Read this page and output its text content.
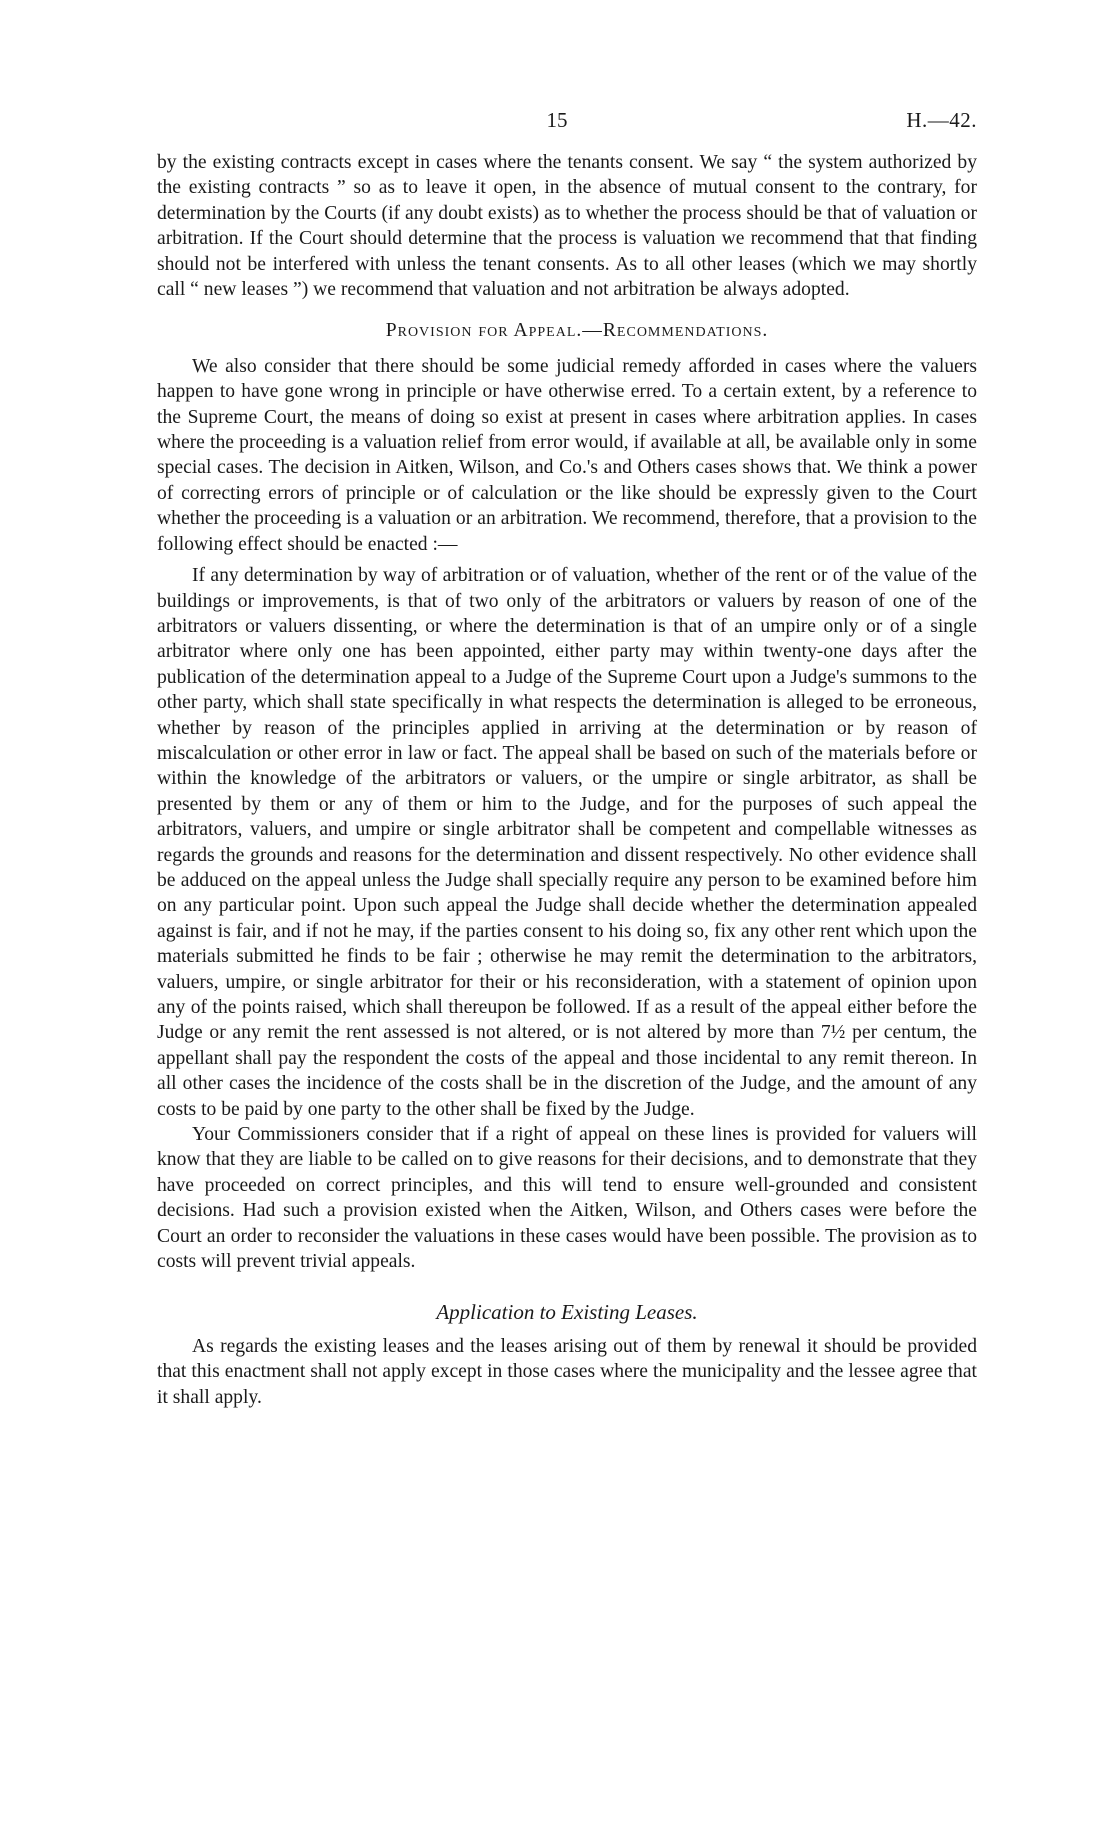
15	H.—42.

by the existing contracts except in cases where the tenants consent. We say “ the system authorized by the existing contracts ” so as to leave it open, in the absence of mutual consent to the contrary, for determination by the Courts (if any doubt exists) as to whether the process should be that of valuation or arbitration. If the Court should determine that the process is valuation we recommend that that finding should not be interfered with unless the tenant consents. As to all other leases (which we may shortly call “ new leases ”) we recommend that valuation and not arbitration be always adopted.

Provision for Appeal.—Recommendations.

We also consider that there should be some judicial remedy afforded in cases where the valuers happen to have gone wrong in principle or have otherwise erred. To a certain extent, by a reference to the Supreme Court, the means of doing so exist at present in cases where arbitration applies. In cases where the proceeding is a valuation relief from error would, if available at all, be available only in some special cases. The decision in Aitken, Wilson, and Co.'s and Others cases shows that. We think a power of correcting errors of principle or of calculation or the like should be expressly given to the Court whether the proceeding is a valuation or an arbitration. We recommend, therefore, that a provision to the following effect should be enacted :—

If any determination by way of arbitration or of valuation, whether of the rent or of the value of the buildings or improvements, is that of two only of the arbitrators or valuers by reason of one of the arbitrators or valuers dissenting, or where the determination is that of an umpire only or of a single arbitrator where only one has been appointed, either party may within twenty-one days after the publication of the determination appeal to a Judge of the Supreme Court upon a Judge's summons to the other party, which shall state specifically in what respects the determination is alleged to be erroneous, whether by reason of the principles applied in arriving at the determination or by reason of miscalculation or other error in law or fact. The appeal shall be based on such of the materials before or within the knowledge of the arbitrators or valuers, or the umpire or single arbitrator, as shall be presented by them or any of them or him to the Judge, and for the purposes of such appeal the arbitrators, valuers, and umpire or single arbitrator shall be competent and compellable witnesses as regards the grounds and reasons for the determination and dissent respectively. No other evidence shall be adduced on the appeal unless the Judge shall specially require any person to be examined before him on any particular point. Upon such appeal the Judge shall decide whether the determination appealed against is fair, and if not he may, if the parties consent to his doing so, fix any other rent which upon the materials submitted he finds to be fair ; otherwise he may remit the determination to the arbitrators, valuers, umpire, or single arbitrator for their or his reconsideration, with a statement of opinion upon any of the points raised, which shall thereupon be followed. If as a result of the appeal either before the Judge or any remit the rent assessed is not altered, or is not altered by more than 7½ per centum, the appellant shall pay the respondent the costs of the appeal and those incidental to any remit thereon. In all other cases the incidence of the costs shall be in the discretion of the Judge, and the amount of any costs to be paid by one party to the other shall be fixed by the Judge.

Your Commissioners consider that if a right of appeal on these lines is provided for valuers will know that they are liable to be called on to give reasons for their decisions, and to demonstrate that they have proceeded on correct principles, and this will tend to ensure well-grounded and consistent decisions. Had such a provision existed when the Aitken, Wilson, and Others cases were before the Court an order to reconsider the valuations in these cases would have been possible. The provision as to costs will prevent trivial appeals.

Application to Existing Leases.

As regards the existing leases and the leases arising out of them by renewal it should be provided that this enactment shall not apply except in those cases where the municipality and the lessee agree that it shall apply.
